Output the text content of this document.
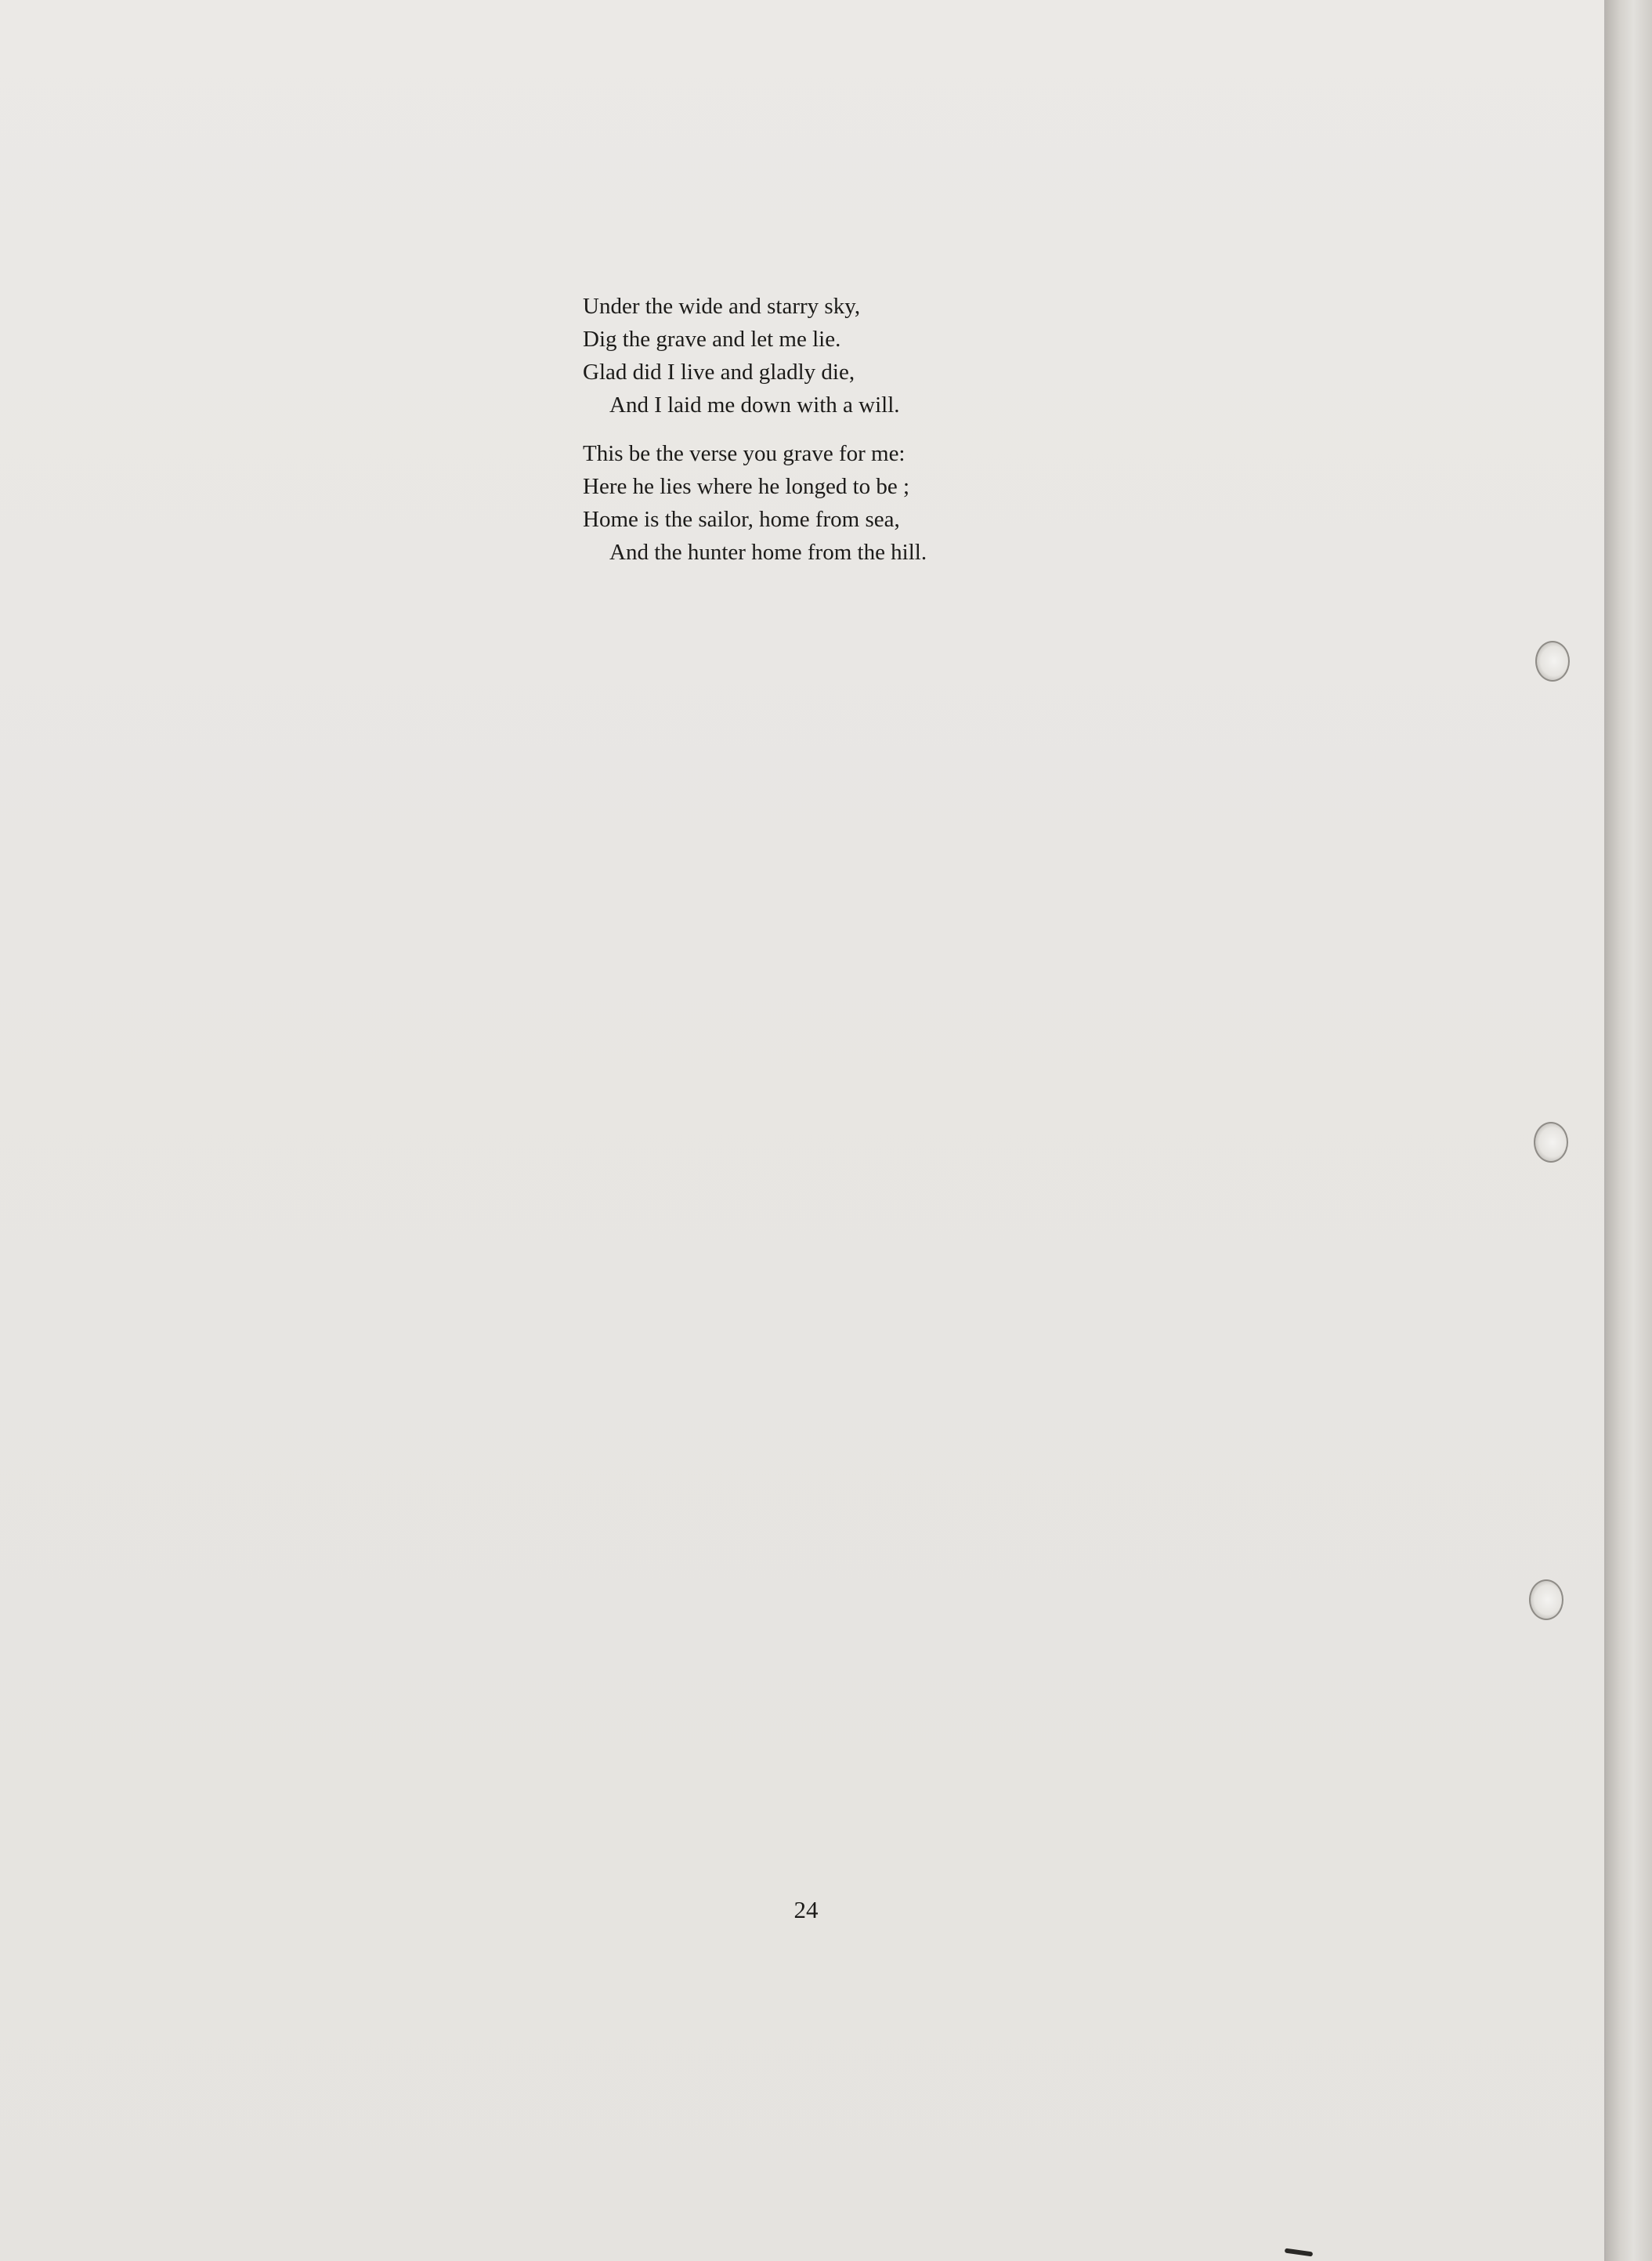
Under the wide and starry sky,
Dig the grave and let me lie.
Glad did I live and gladly die,
And I laid me down with a will.
This be the verse you grave for me:
Here he lies where he longed to be ;
Home is the sailor, home from sea,
And the hunter home from the hill.
24
